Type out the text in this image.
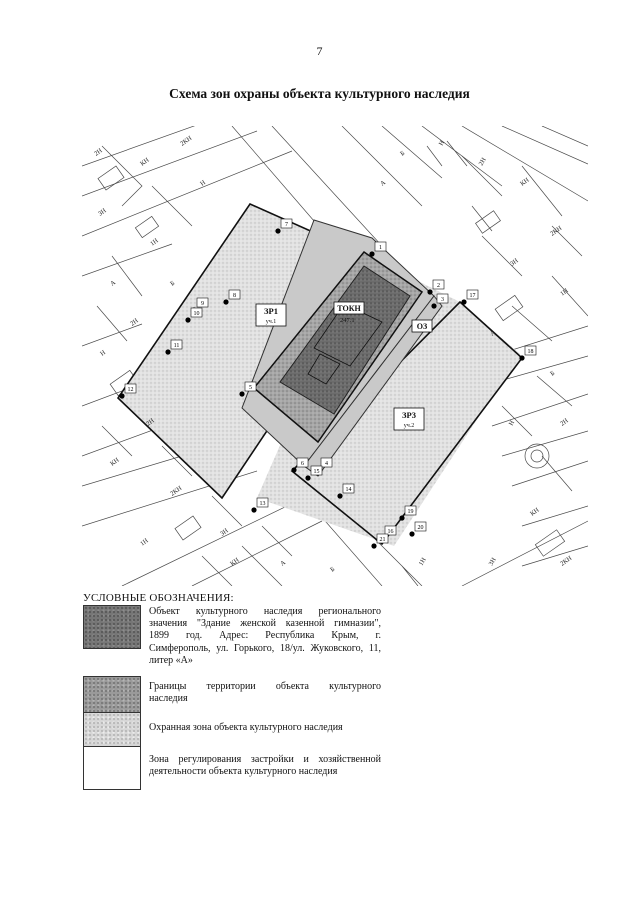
7
Схема зон охраны объекта культурного наследия
ЗР1
уч.1
ЗР3
уч.2
ТОКН
ОЗ
247.1
1
2
3
4
5
6
7
8
9
10
11
12
13
14
15
16
17
18
19
20
21
2Н
КН
2КН
3Н
1Н
А	Б
Н
2Н
КН
2КН
3Н
1Н
А
Б
Н
2Н
КН
2КН
3Н
1Н
А
Б
Н	2Н
КН
2КН
3Н
1Н
А
Б
Н
2Н
КН
УСЛОВНЫЕ ОБОЗНАЧЕНИЯ:
Объект культурного наследия регионального
значения "Здание женской казенной гимназии",
1899 год. Адрес: Республика Крым, г.
Симферополь, ул. Горького, 18/ул. Жуковского, 11,
литер «А»
Границы территории объекта культурного
наследия
Охранная зона объекта культурного наследия
Зона регулирования застройки и хозяйственной
деятельности объекта культурного наследия
